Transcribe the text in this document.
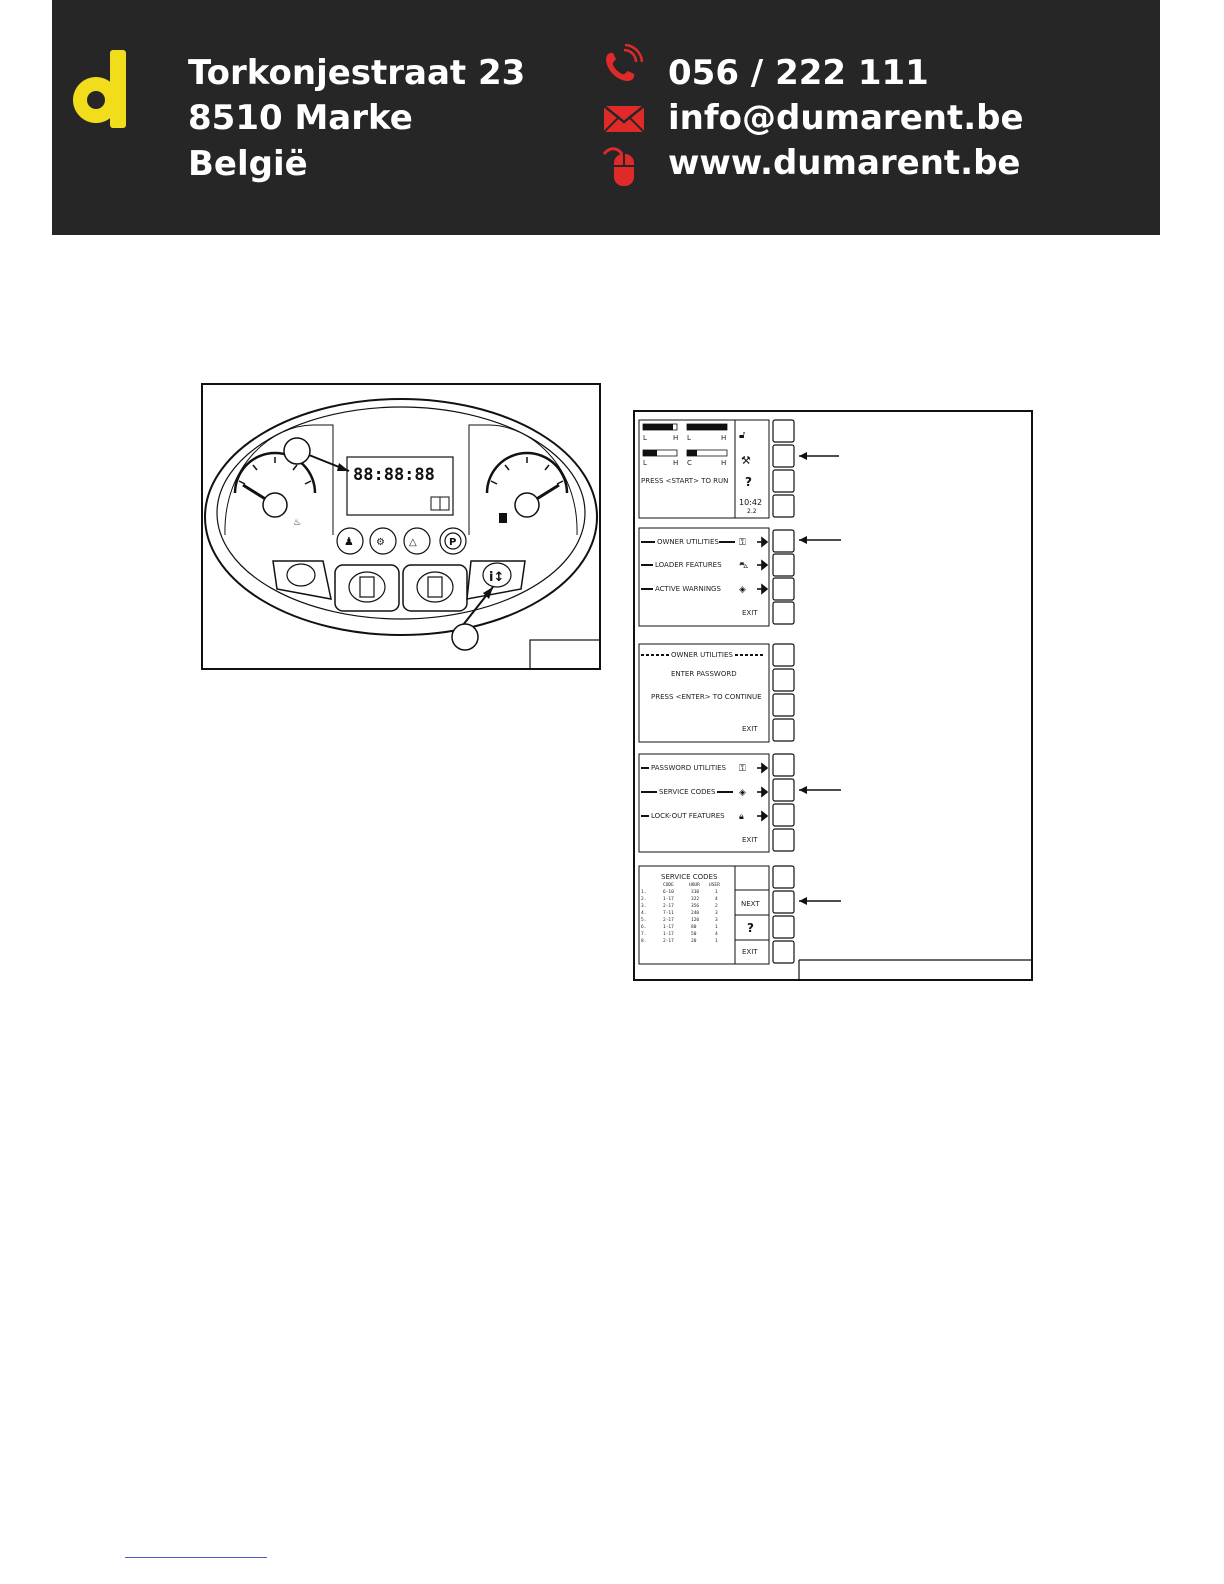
Torkonjestraat 23
8510 Marke
België
056 / 222 111
info@dumarent.be
www.dumarent.be
♨
88:88:88
♟ ⚙ △	P
i↕
L	H L	H
L	H C	H
PRESS <START> TO RUN
🔓︎
⚒
?
10:42
2.2
OWNER UTILITIES
LOADER FEATURES
ACTIVE WARNINGS
⚿
⛍
◈
EXIT
OWNER UTILITIES
ENTER PASSWORD
PRESS <ENTER> TO CONTINUE
EXIT
PASSWORD UTILITIES
SERVICE CODES
LOCK-OUT FEATURES
⚿
◈
🔒︎
EXIT
SERVICE CODES
CODE	HOUR USER
1.	6-10	310	1
2.	1-17	322	4
3.	2-17	356	2
4.	7-11	240	3
5.	2-17	120	3
6.	1-17	80	1
7.	1-17	50	4
8.	2-17	20	1
NEXT
?
EXIT
